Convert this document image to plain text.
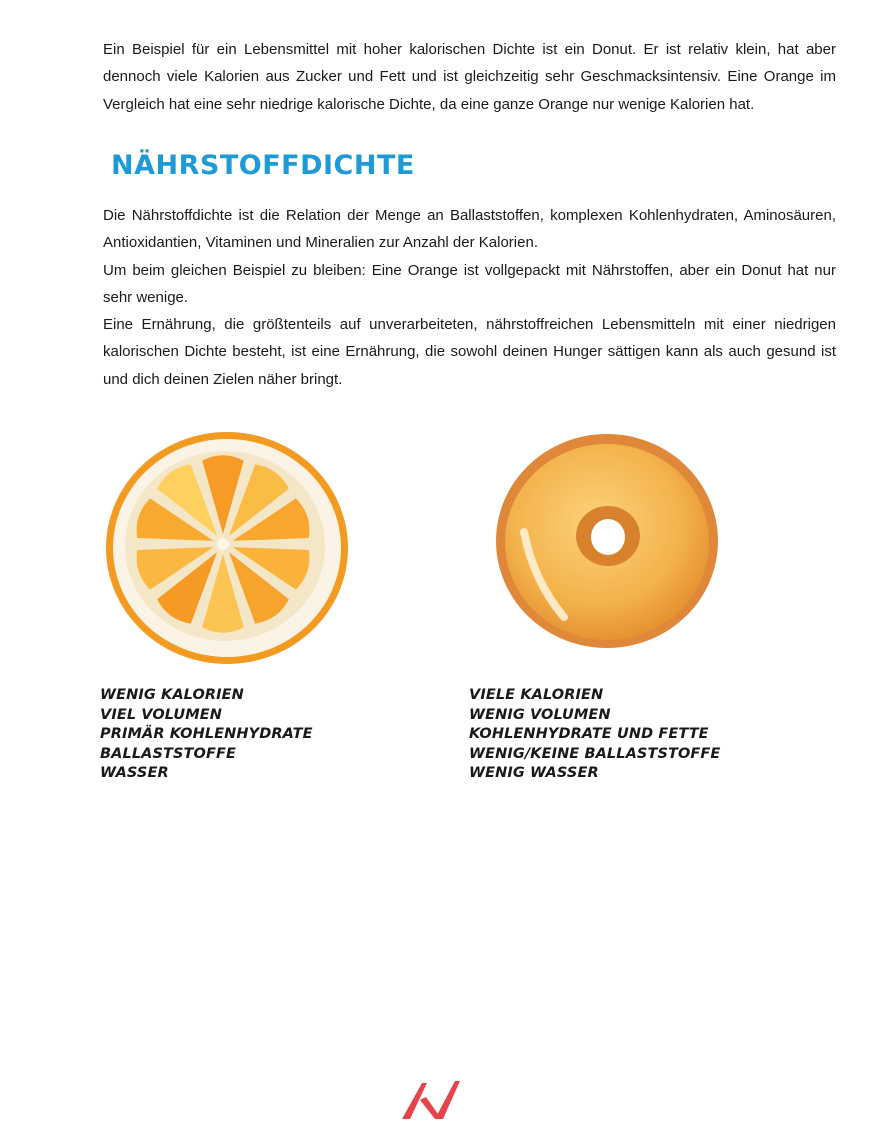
Ein Beispiel für ein Lebensmittel mit hoher kalorischen Dichte ist ein Donut. Er ist relativ klein, hat aber dennoch viele Kalorien aus Zucker und Fett und ist gleichzeitig sehr Geschmacksintensiv. Eine Orange im Vergleich hat eine sehr niedrige kalorische Dichte, da eine ganze Orange nur wenige Kalorien hat.

NÄHRSTOFFDICHTE
Die Nährstoffdichte ist die Relation der Menge an Ballaststoffen, komplexen Kohlenhydraten, Aminosäuren, Antioxidantien, Vitaminen und Mineralien zur Anzahl der Kalorien.
Um beim gleichen Beispiel zu bleiben: Eine Orange ist vollgepackt mit Nährstoffen, aber ein Donut hat nur sehr wenige.
Eine Ernährung, die größtenteils auf unverarbeiteten, nährstoffreichen Lebensmitteln mit einer niedrigen kalorischen Dichte besteht, ist eine Ernährung, die sowohl deinen Hunger sättigen kann als auch gesund ist und dich deinen Zielen näher bringt.
WENIG KALORIEN
VIEL VOLUMEN
PRIMÄR KOHLENHYDRATE
BALLASTSTOFFE
WASSER
VIELE KALORIEN
WENIG VOLUMEN
KOHLENHYDRATE UND FETTE
WENIG/KEINE BALLASTSTOFFE
WENIG WASSER
